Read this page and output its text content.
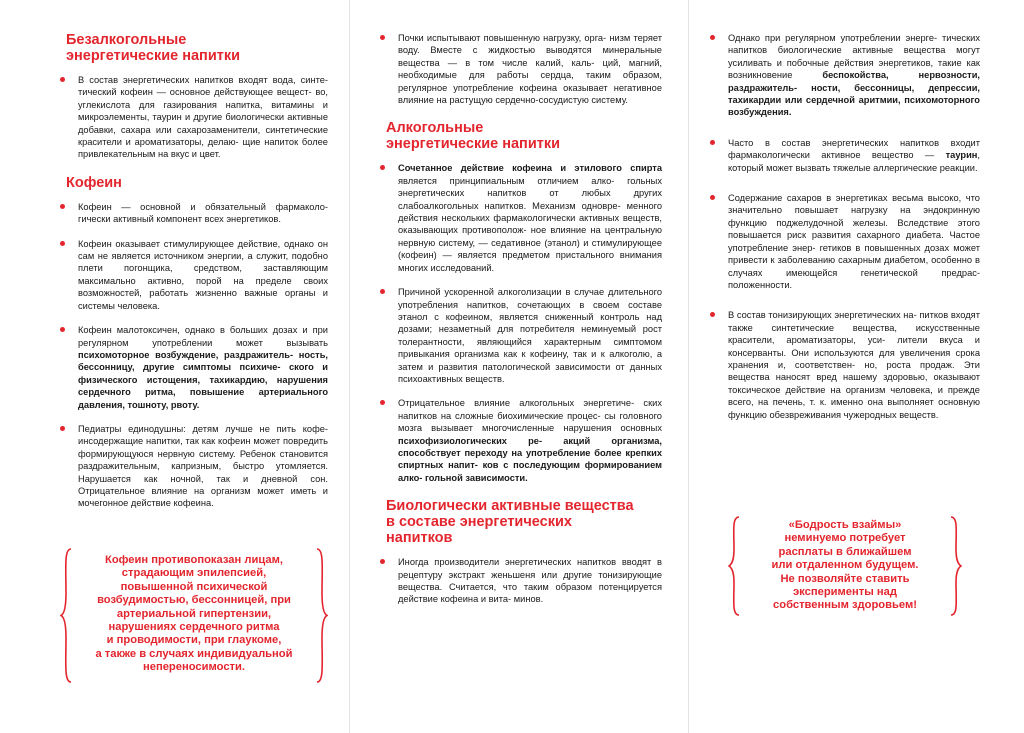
Безалкогольные
энергетические напитки
В состав энергетических напитков входят вода, синте- тический кофеин — основное действующее вещест- во, углекислота для газирования напитка, витамины и микроэлементы, таурин и другие биологически активные добавки, сахара или сахарозаменители, синтетические красители и ароматизаторы, делаю- щие напиток более привлекательным на вкус и цвет.
Кофеин
Кофеин — основной и обязательный фармаколо- гически активный компонент всех энергетиков.
Кофеин оказывает стимулирующее действие, однако он сам не является источником энергии, а служит, подобно плети погонщика, средством, заставляющим максимально активно, порой на пределе своих возможностей, работать жизненно важные органы и системы человека.
Кофеин малотоксичен, однако в больших дозах и при регулярном употреблении может вызывать психомоторное возбуждение, раздражитель- ность, бессонницу, другие симптомы психиче- ского и физического истощения, тахикардию, нарушения сердечного ритма, повышение артериального давления, тошноту, рвоту.
Педиатры единодушны: детям лучше не пить кофе- инсодержащие напитки, так как кофеин может повредить формирующуюся нервную систему. Ребенок становится раздражительным, капризным, быстро утомляется. Нарушается как ночной, так и дневной сон. Отрицательное влияние на организм может иметь и мочегонное действие кофеина.
Кофеин противопоказан лицам,
страдающим эпилепсией,
повышенной психической
возбудимостью, бессонницей, при
артериальной гипертензии,
нарушениях сердечного ритма
и проводимости, при глаукоме,
а также в случаях индивидуальной
непереносимости.
Почки испытывают повышенную нагрузку, орга- низм теряет воду. Вместе с жидкостью выводятся минеральные вещества — в том числе калий, каль- ций, магний, необходимые для работы сердца, таким образом, регулярное употребление кофеина оказывает негативное влияние на растущую сердечно-сосудистую систему.
Алкогольные
энергетические напитки
Сочетанное действие кофеина и этилового спирта является принципиальным отличием алко- гольных энергетических напитков от любых других слабоалкогольных напитков. Механизм одновре- менного действия нескольких фармакологически активных веществ, оказывающих противополож- ное влияние на центральную нервную систему, — седативное (этанол) и стимулирующее (кофеин) — является предметом пристального внимания многих исследований.
Причиной ускоренной алкоголизации в случае длительного употребления напитков, сочетающих в своем составе этанол с кофеином, является сниженный контроль над дозами; незаметный для потребителя неминуемый рост толерантности, являющийся характерным симптомом привыкания организма как к кофеину, так и к алкоголю, а затем и развития патологической зависимости от данных психоактивных веществ.
Отрицательное влияние алкогольных энергетиче- ских напитков на сложные биохимические процес- сы головного мозга вызывает многочисленные нарушения основных психофизиологических ре- акций организма, способствует переходу на употребление более крепких спиртных напит- ков с последующим формированием алко- гольной зависимости.
Биологически активные вещества
в составе энергетических
напитков
Иногда производители энергетических напитков вводят в рецептуру экстракт женьшеня или другие тонизирующие вещества. Считается, что таким образом потенцируется действие кофеина и вита- минов.
Однако при регулярном употреблении энерге- тических напитков биологические активные вещества могут усиливать и побочные действия энергетиков, такие как возникновение	беспокойства, нервозности, раздражитель- ности, бессонницы, депрессии, тахикардии или сердечной аритмии, психомоторного возбуждения.
Часто в состав энергетических напитков входит фармакологически активное вещество — таурин, который может вызвать тяжелые аллергические реакции.
Содержание сахаров в энергетиках весьма высоко, что значительно повышает нагрузку на эндокринную функцию поджелудочной железы. Вследствие этого повышается риск развития сахарного диабета. Частое употребление энер- гетиков в повышенных дозах может привести к заболеванию сахарным диабетом, особенно в случаях имеющейся генетической предрас- положенности.
В состав тонизирующих энергетических на- питков входят также синтетические вещества, искусственные красители, ароматизаторы, уси- лители вкуса и консерванты. Они используются для увеличения срока хранения и, соответствен- но, роста продаж. Эти вещества наносят вред нашему здоровью, оказывают токсическое действие на организм человека, и прежде всего, на печень, т. к. именно она выполняет основную функцию обезвреживания чужеродных веществ.
«Бодрость взаймы»
неминуемо потребует
расплаты в ближайшем
или отдаленном будущем.
Не позволяйте ставить
эксперименты над
собственным здоровьем!
